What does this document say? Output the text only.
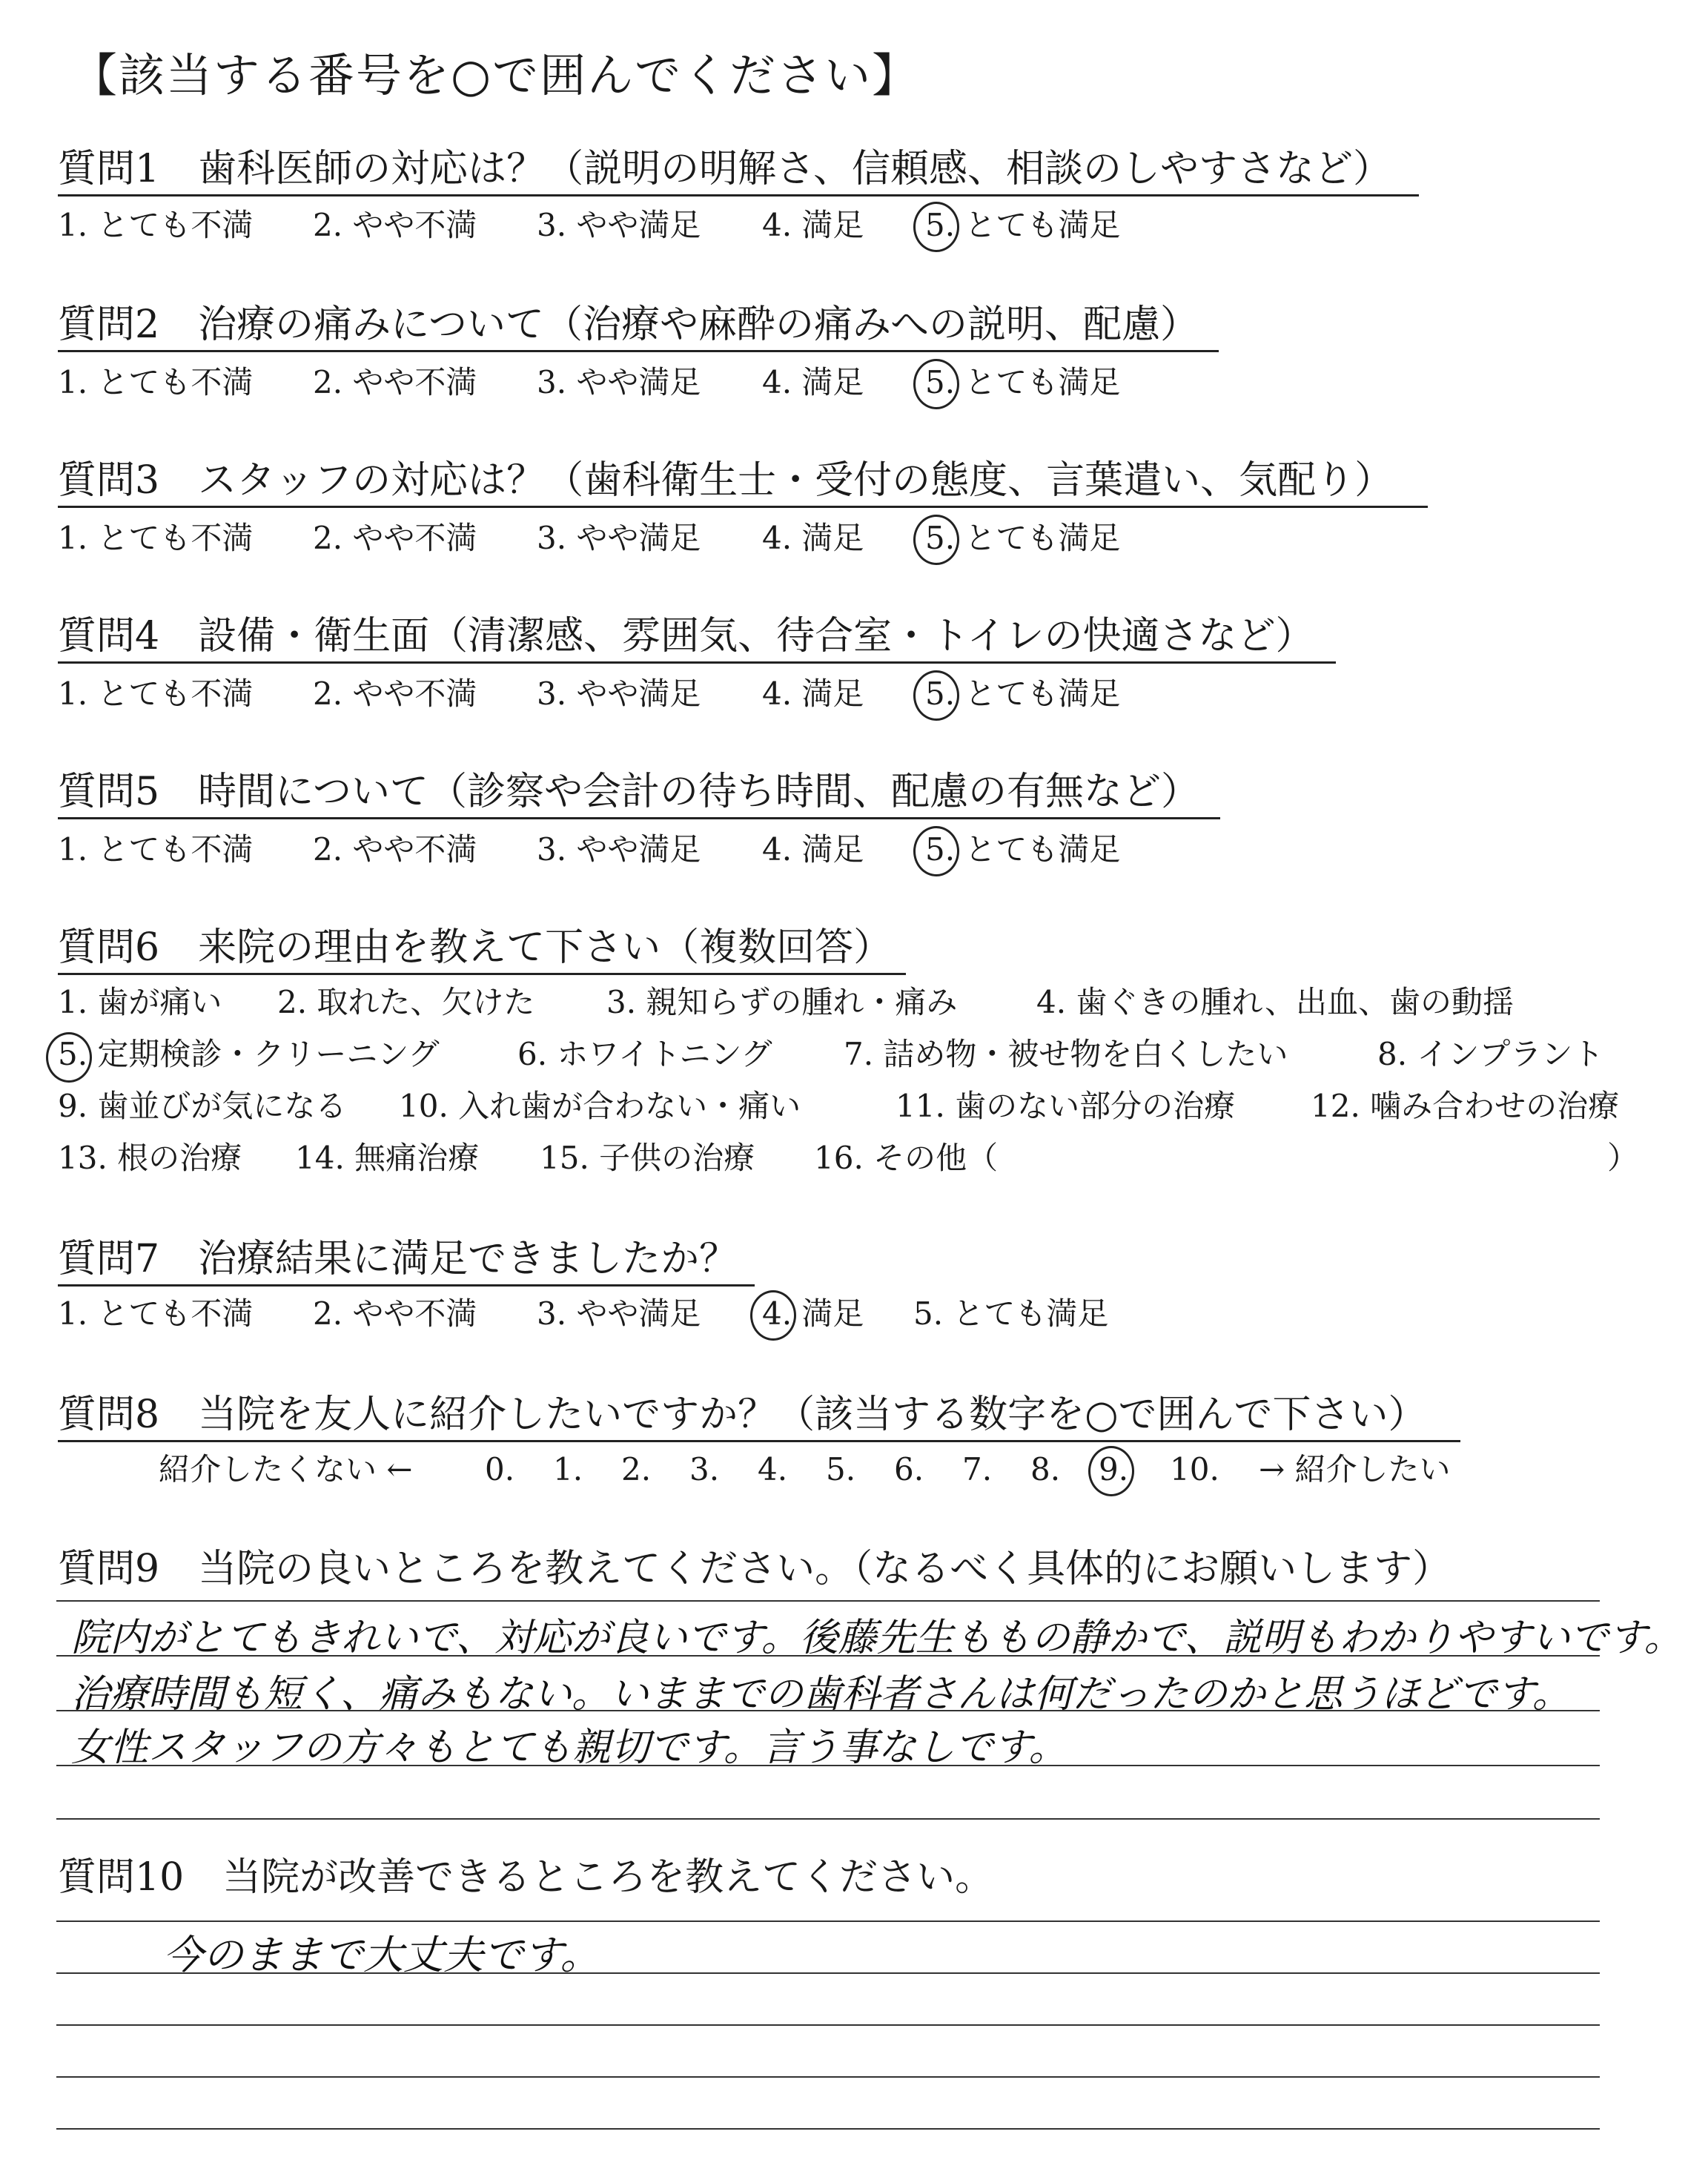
【該当する番号を○で囲んでください】
質問1　歯科医師の対応は？（説明の明解さ、信頼感、相談のしやすさなど）
1. とても不満 2. やや不満 3. やや満足 4. 満足 5. とても満足
質問2　治療の痛みについて（治療や麻酔の痛みへの説明、配慮）
1. とても不満 2. やや不満 3. やや満足 4. 満足 5. とても満足
質問3　スタッフの対応は？（歯科衛生士・受付の態度、言葉遣い、気配り）
1. とても不満 2. やや不満 3. やや満足 4. 満足 5. とても満足
質問4　設備・衛生面（清潔感、雰囲気、待合室・トイレの快適さなど）
1. とても不満 2. やや不満 3. やや満足 4. 満足 5. とても満足
質問5　時間について（診察や会計の待ち時間、配慮の有無など）
1. とても不満 2. やや不満 3. やや満足 4. 満足 5. とても満足
質問6　来院の理由を教えて下さい（複数回答）
1. 歯が痛い 2. 取れた、欠けた 3. 親知らずの腫れ・痛み	4. 歯ぐきの腫れ、出血、歯の動揺
5. 定期検診・クリーニング	6. ホワイトニング 7. 詰め物・被せ物を白くしたい	8. インプラント
9. 歯並びが気になる 10. 入れ歯が合わない・痛い	11. 歯のない部分の治療 12. 噛み合わせの治療
13. 根の治療 14. 無痛治療 15. 子供の治療 16. その他（	）
質問7　治療結果に満足できましたか？
1. とても不満 2. やや不満 3. やや満足 4. 満足 5. とても満足
質問8　当院を友人に紹介したいですか？（該当する数字を○で囲んで下さい）
紹介したくない ← 0. 1. 2. 3. 4. 5. 6. 7. 8. 9. 10. → 紹介したい
質問9　当院の良いところを教えてください。（なるべく具体的にお願いします）
院内がとてもきれいで、対応が良いです。後藤先生ももの静かで、説明もわかりやすいです。
治療時間も短く、痛みもない。いままでの歯科者さんは何だったのかと思うほどです。
女性スタッフの方々もとても親切です。言う事なしです。
質問10　当院が改善できるところを教えてください。
今のままで大丈夫です。
